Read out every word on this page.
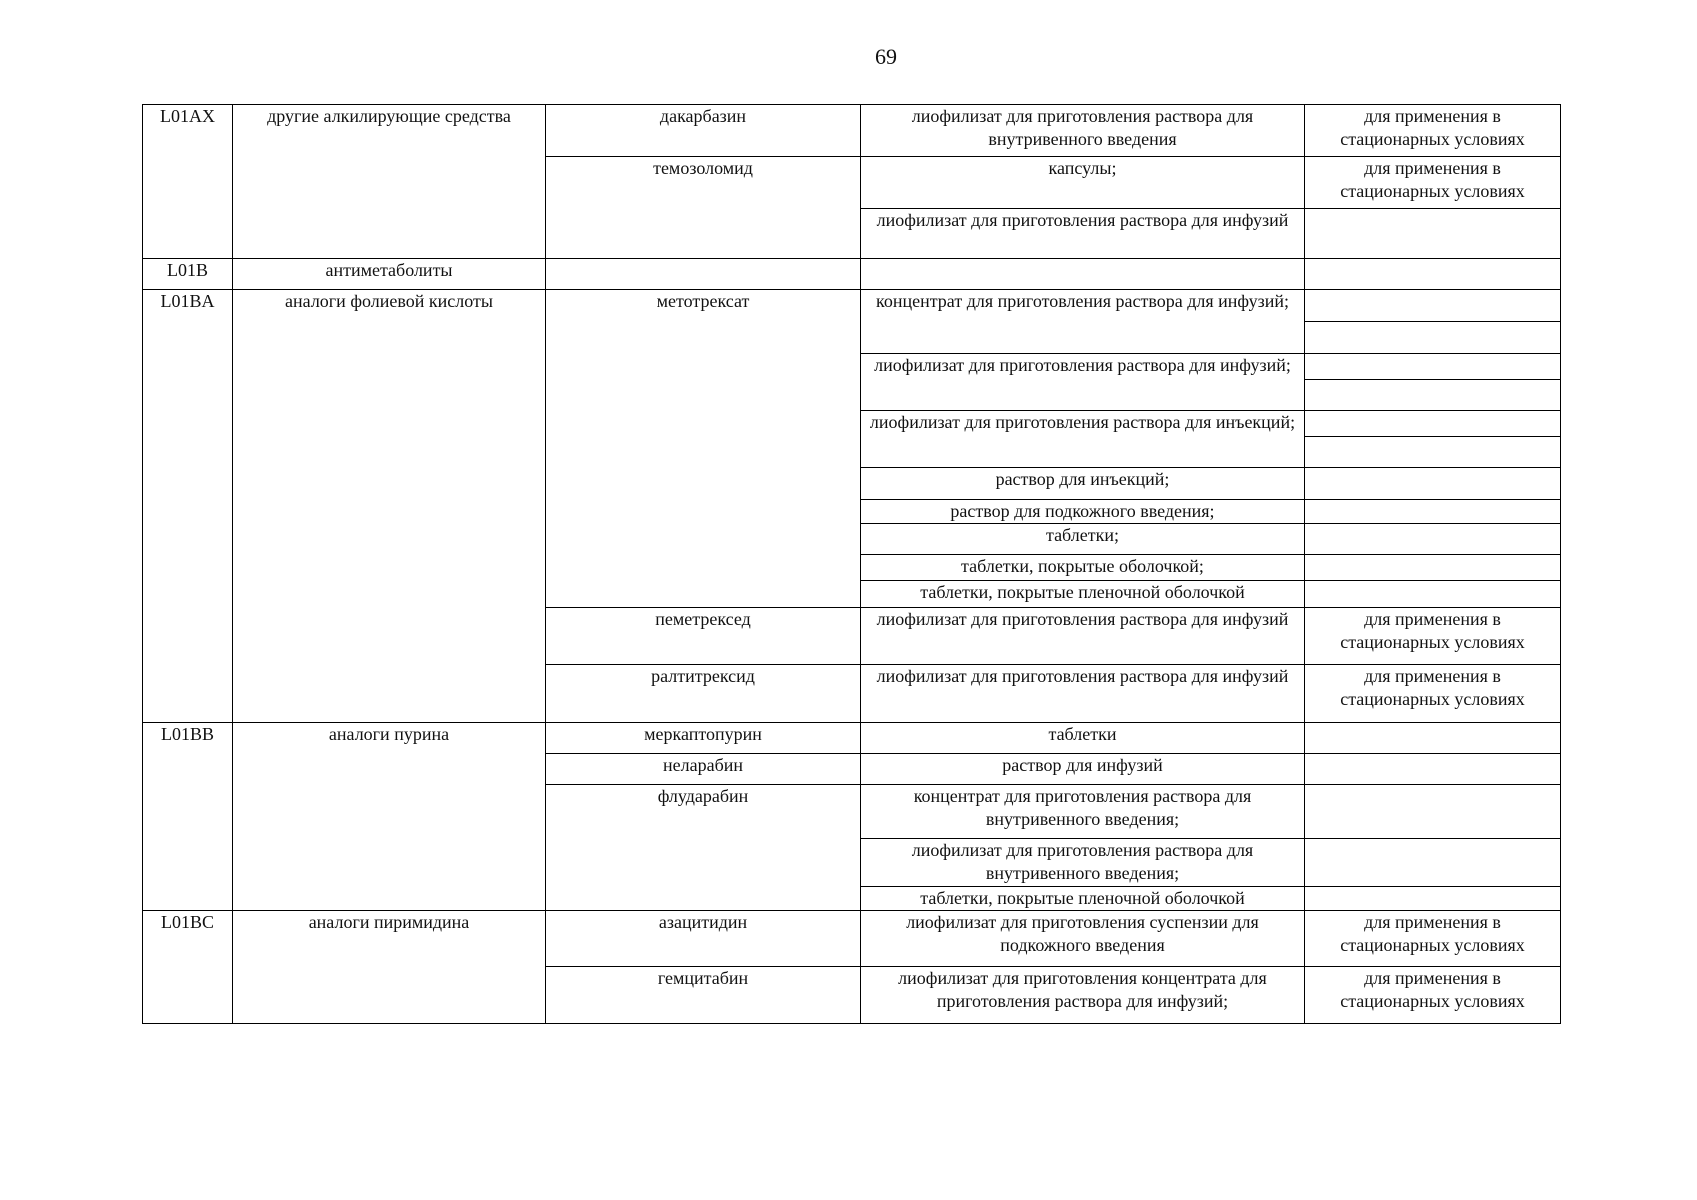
69
L01AX	другие алкилирующие средства	дакарбазин	лиофилизат для приготовления раствора для внутривенного введения	для применения в стационарных условиях
		темозоломид	капсулы;	для применения в стационарных условиях
			лиофилизат для приготовления раствора для инфузий	
L01B	антиметаболиты			
L01BA	аналоги фолиевой кислоты	метотрексат	концентрат для приготовления раствора для инфузий;	

			лиофилизат для приготовления раствора для инфузий;	

			лиофилизат для приготовления раствора для инъекций;	

			раствор для инъекций;	
			раствор для подкожного введения;	
			таблетки;	
			таблетки, покрытые оболочкой;	
			таблетки, покрытые пленочной оболочкой	
		пеметрексед	лиофилизат для приготовления раствора для инфузий	для применения в стационарных условиях
		ралтитрексид	лиофилизат для приготовления раствора для инфузий	для применения в стационарных условиях
L01BB	аналоги пурина	меркаптопурин	таблетки	
		неларабин	раствор для инфузий	
		флударабин	концентрат для приготовления раствора для внутривенного введения;	
			лиофилизат для приготовления раствора для внутривенного введения;	
			таблетки, покрытые пленочной оболочкой	
L01BC	аналоги пиримидина	азацитидин	лиофилизат для приготовления суспензии для подкожного введения	для применения в стационарных условиях
		гемцитабин	лиофилизат для приготовления концентрата для приготовления раствора для инфузий;	для применения в стационарных условиях
